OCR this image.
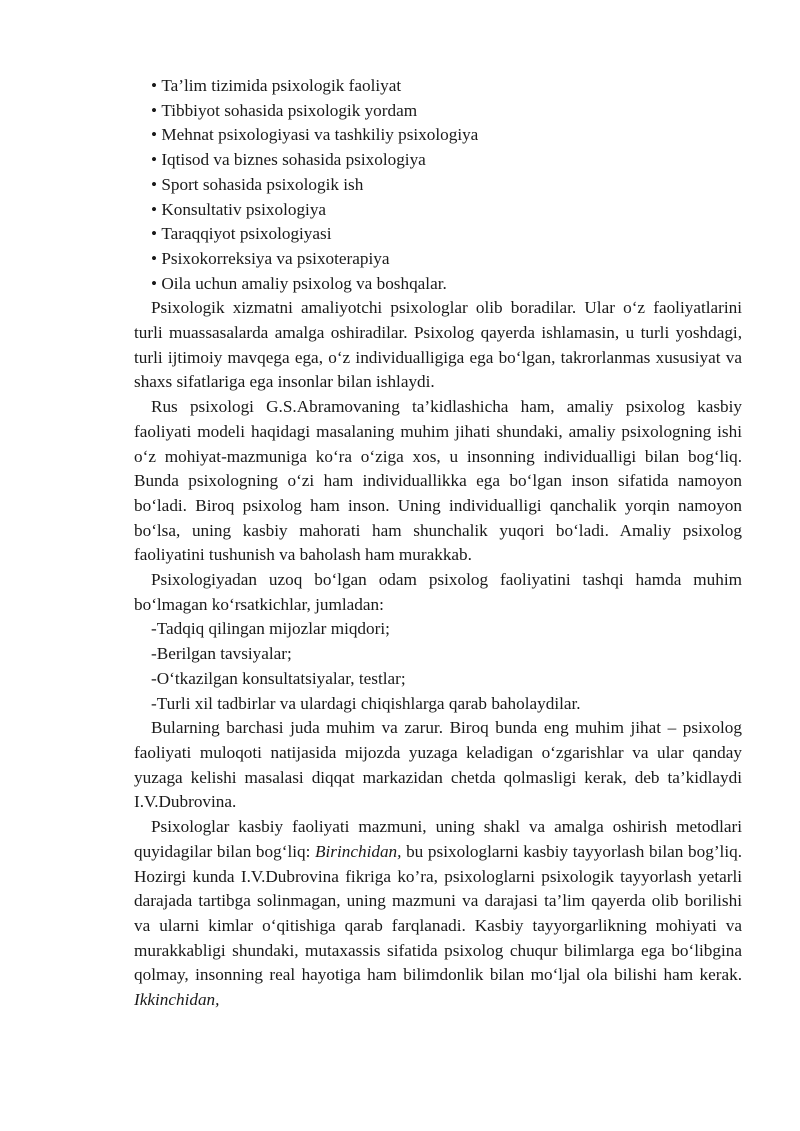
• Ta’lim tizimida psixologik faoliyat
• Tibbiyot sohasida psixologik yordam
• Mehnat psixologiyasi va tashkiliy psixologiya
• Iqtisod va biznes sohasida psixologiya
• Sport sohasida psixologik ish
• Konsultativ psixologiya
• Taraqqiyot psixologiyasi
• Psixokorreksiya va psixoterapiya
• Oila uchun amaliy psixolog va boshqalar.

Psixologik xizmatni amaliyotchi psixologlar olib boradilar. Ular o‘z faoliyatlarini turli muassasalarda amalga oshiradilar. Psixolog qayerda ishlamasin, u turli yoshdagi, turli ijtimoiy mavqega ega, o‘z individualligiga ega bo‘lgan, takrorlanmas xususiyat va shaxs sifatlariga ega insonlar bilan ishlaydi.

Rus psixologi G.S.Abramovaning ta’kidlashicha ham, amaliy psixolog kasbiy faoliyati modeli haqidagi masalaning muhim jihati shundaki, amaliy psixologning ishi o‘z mohiyat-mazmuniga ko‘ra o‘ziga xos, u insonning individualligi bilan bog‘liq. Bunda psixologning o‘zi ham individuallikka ega bo‘lgan inson sifatida namoyon bo‘ladi. Biroq psixolog ham inson. Uning individualligi qanchalik yorqin namoyon bo‘lsa, uning kasbiy mahorati ham shunchalik yuqori bo‘ladi. Amaliy psixolog faoliyatini tushunish va baholash ham murakkab.

Psixologiyadan uzoq bo‘lgan odam psixolog faoliyatini tashqi hamda muhim bo‘lmagan ko‘rsatkichlar, jumladan:

-Tadqiq qilingan mijozlar miqdori;
-Berilgan tavsiyalar;
-O‘tkazilgan konsultatsiyalar, testlar;
-Turli xil tadbirlar va ulardagi chiqishlarga qarab baholaydilar.

Bularning barchasi juda muhim va zarur. Biroq bunda eng muhim jihat – psixolog faoliyati muloqoti natijasida mijozda yuzaga keladigan o‘zgarishlar va ular qanday yuzaga kelishi masalasi diqqat markazidan chetda qolmasligi kerak, deb ta’kidlaydi I.V.Dubrovina.

Psixologlar kasbiy faoliyati mazmuni, uning shakl va amalga oshirish metodlari quyidagilar bilan bog‘liq: Birinchidan, bu psixologlarni kasbiy tayyorlash bilan bog’liq. Hozirgi kunda I.V.Dubrovina fikriga ko’ra, psixologlarni psixologik tayyorlash yetarli darajada tartibga solinmagan, uning mazmuni va darajasi ta’lim qayerda olib borilishi va ularni kimlar o‘qitishiga qarab farqlanadi. Kasbiy tayyorgarlikning mohiyati va murakkabligi shundaki, mutaxassis sifatida psixolog chuqur bilimlarga ega bo‘libgina qolmay, insonning real hayotiga ham bilimdonlik bilan mo‘ljal ola bilishi ham kerak. Ikkinchidan,
